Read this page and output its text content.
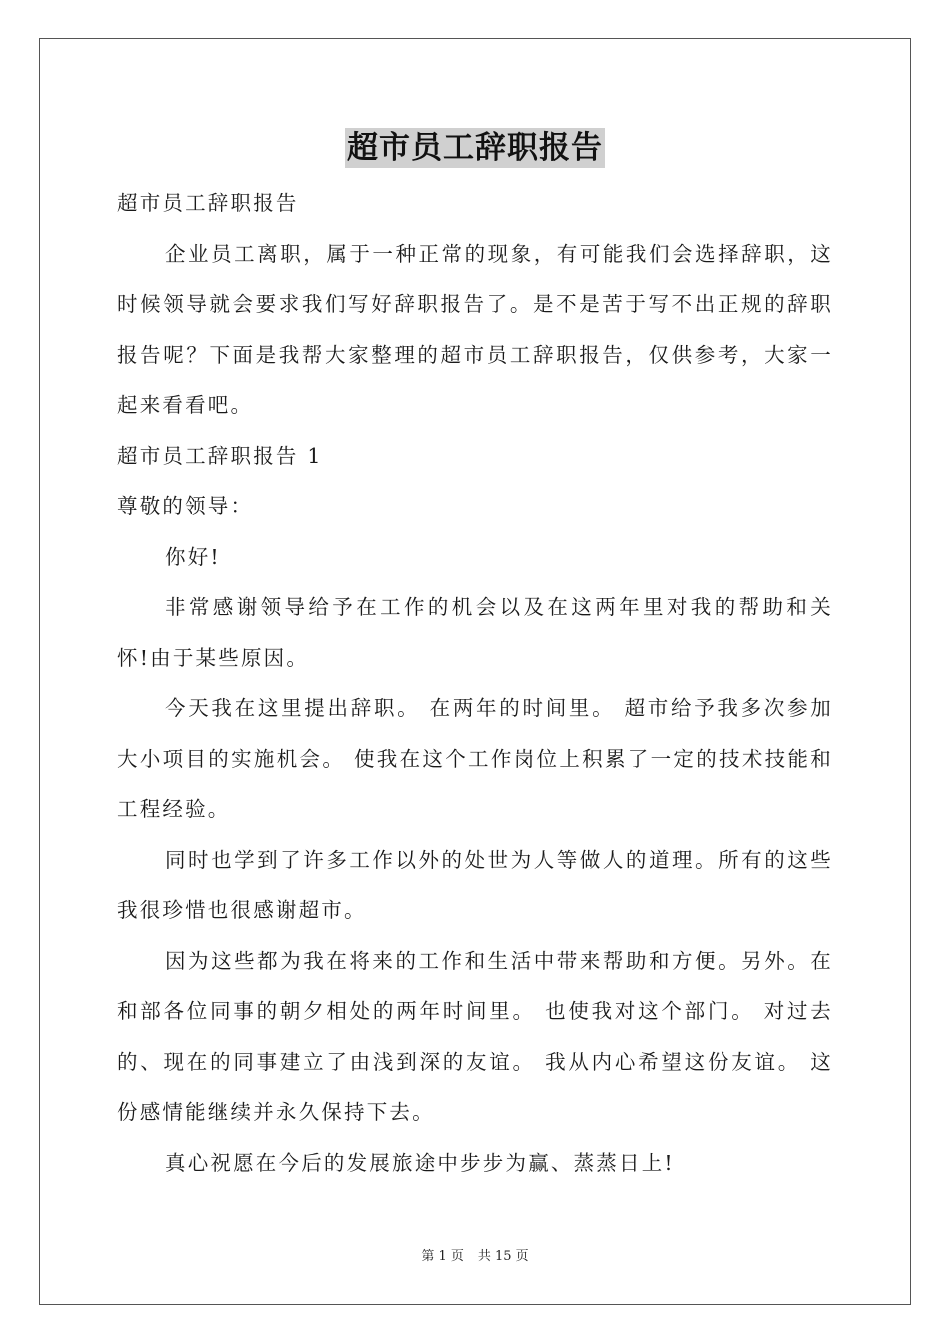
超市员工辞职报告

超市员工辞职报告

企业员工离职，属于一种正常的现象，有可能我们会选择辞职，这时候领导就会要求我们写好辞职报告了。是不是苦于写不出正规的辞职报告呢？下面是我帮大家整理的超市员工辞职报告，仅供参考，大家一起来看看吧。

超市员工辞职报告 1

尊敬的领导：

你好!

非常感谢领导给予在工作的机会以及在这两年里对我的帮助和关怀!由于某些原因。

今天我在这里提出辞职。 在两年的时间里。 超市给予我多次参加大小项目的实施机会。 使我在这个工作岗位上积累了一定的技术技能和工程经验。

同时也学到了许多工作以外的处世为人等做人的道理。所有的这些我很珍惜也很感谢超市。

因为这些都为我在将来的工作和生活中带来帮助和方便。另外。在和部各位同事的朝夕相处的两年时间里。 也使我对这个部门。 对过去的、现在的同事建立了由浅到深的友谊。 我从内心希望这份友谊。 这份感情能继续并永久保持下去。

真心祝愿在今后的发展旅途中步步为赢、蒸蒸日上!

第 1 页 共 15 页
